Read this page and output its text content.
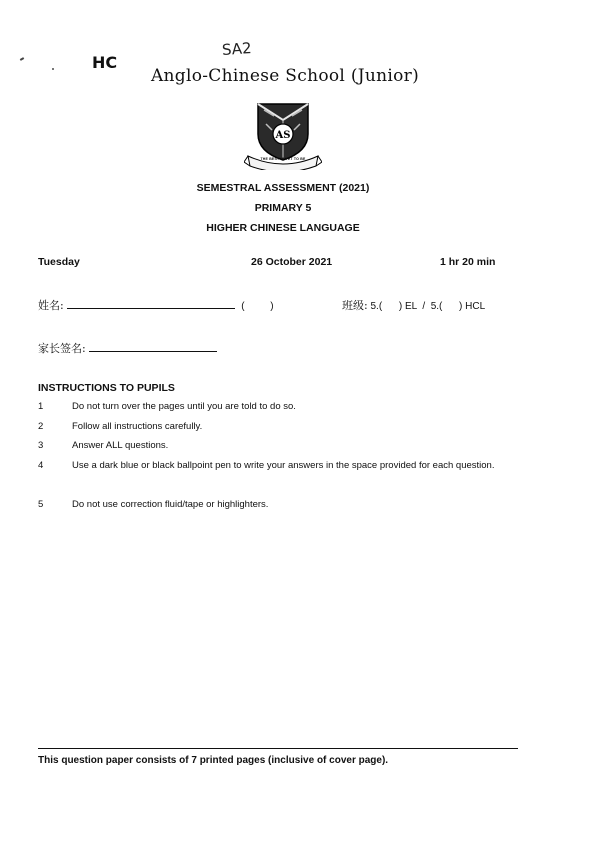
SA2
HC
Anglo-Chinese School (Junior)
AS
THE BEST IS YET TO BE
SEMESTRAL ASSESSMENT (2021)
PRIMARY 5
HIGHER CHINESE LANGUAGE
Tuesday	26 October 2021	1 hr 20 min
姓名:	(	)	班级: 5.(      ) EL  /  5.(      ) HCL
家长签名:
INSTRUCTIONS TO PUPILS
1	Do not turn over the pages until you are told to do so.
2	Follow all instructions carefully.
3	Answer ALL questions.
4	Use a dark blue or black ballpoint pen to write your answers in the space provided for each question.
5	Do not use correction fluid/tape or highlighters.
This question paper consists of 7 printed pages (inclusive of cover page).
